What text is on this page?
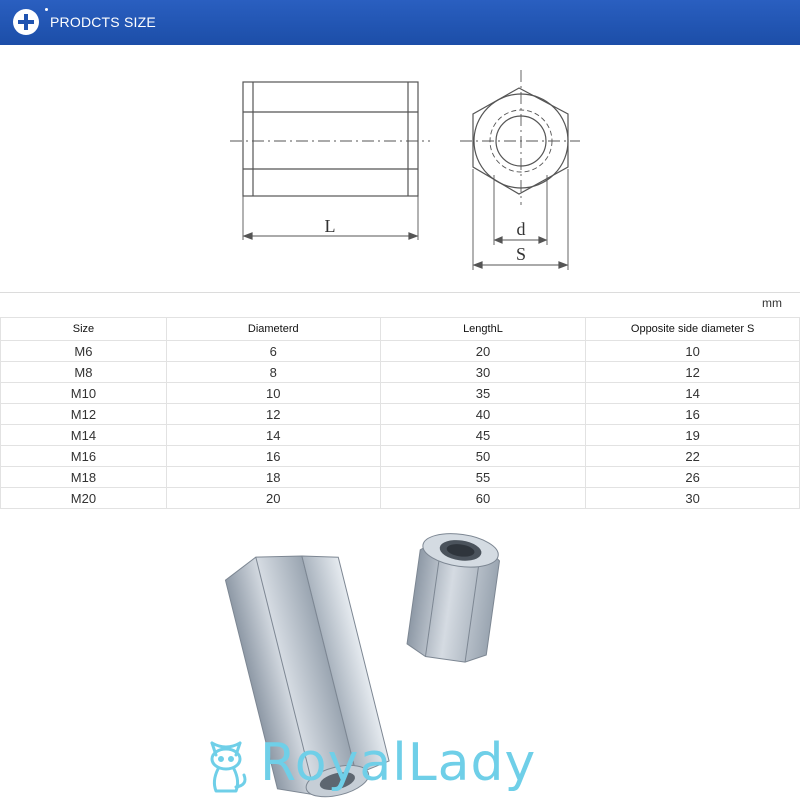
PRODCTS SIZE
L	d
S
mm
Size	Diameterd	LengthL	Opposite side diameter S
M6	6	20	10
M8	8	30	12
M10	10	35	14
M12	12	40	16
M14	14	45	19
M16	16	50	22
M18	18	55	26
M20	20	60	30
RoyalLady
